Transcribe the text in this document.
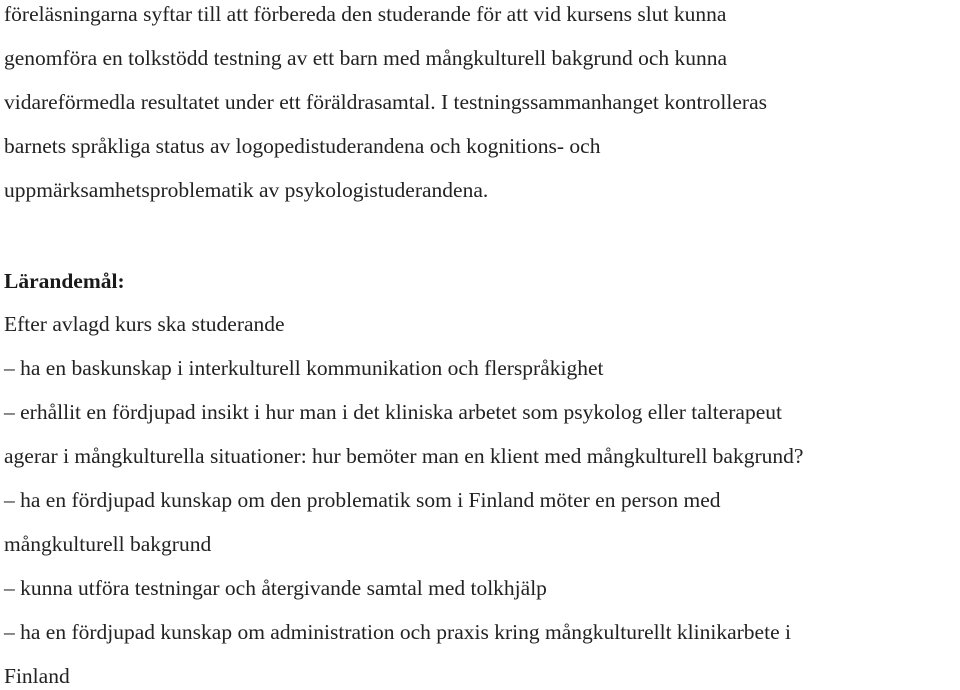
föreläsningarna syftar till att förbereda den studerande för att vid kursens slut kunna
genomföra en tolkstödd testning av ett barn med mångkulturell bakgrund och kunna
vidareförmedla resultatet under ett föräldrasamtal. I testningssammanhanget kontrolleras
barnets språkliga status av logopedistuderandena och kognitions- och
uppmärksamhetsproblematik av psykologistuderandena.
Lärandemål:
Efter avlagd kurs ska studerande
– ha en baskunskap i interkulturell kommunikation och flerspråkighet
– erhållit en fördjupad insikt i hur man i det kliniska arbetet som psykolog eller talterapeut
agerar i mångkulturella situationer: hur bemöter man en klient med mångkulturell bakgrund?
– ha en fördjupad kunskap om den problematik som i Finland möter en person med
mångkulturell bakgrund
– kunna utföra testningar och återgivande samtal med tolkhjälp
– ha en fördjupad kunskap om administration och praxis kring mångkulturellt klinikarbete i
Finland
